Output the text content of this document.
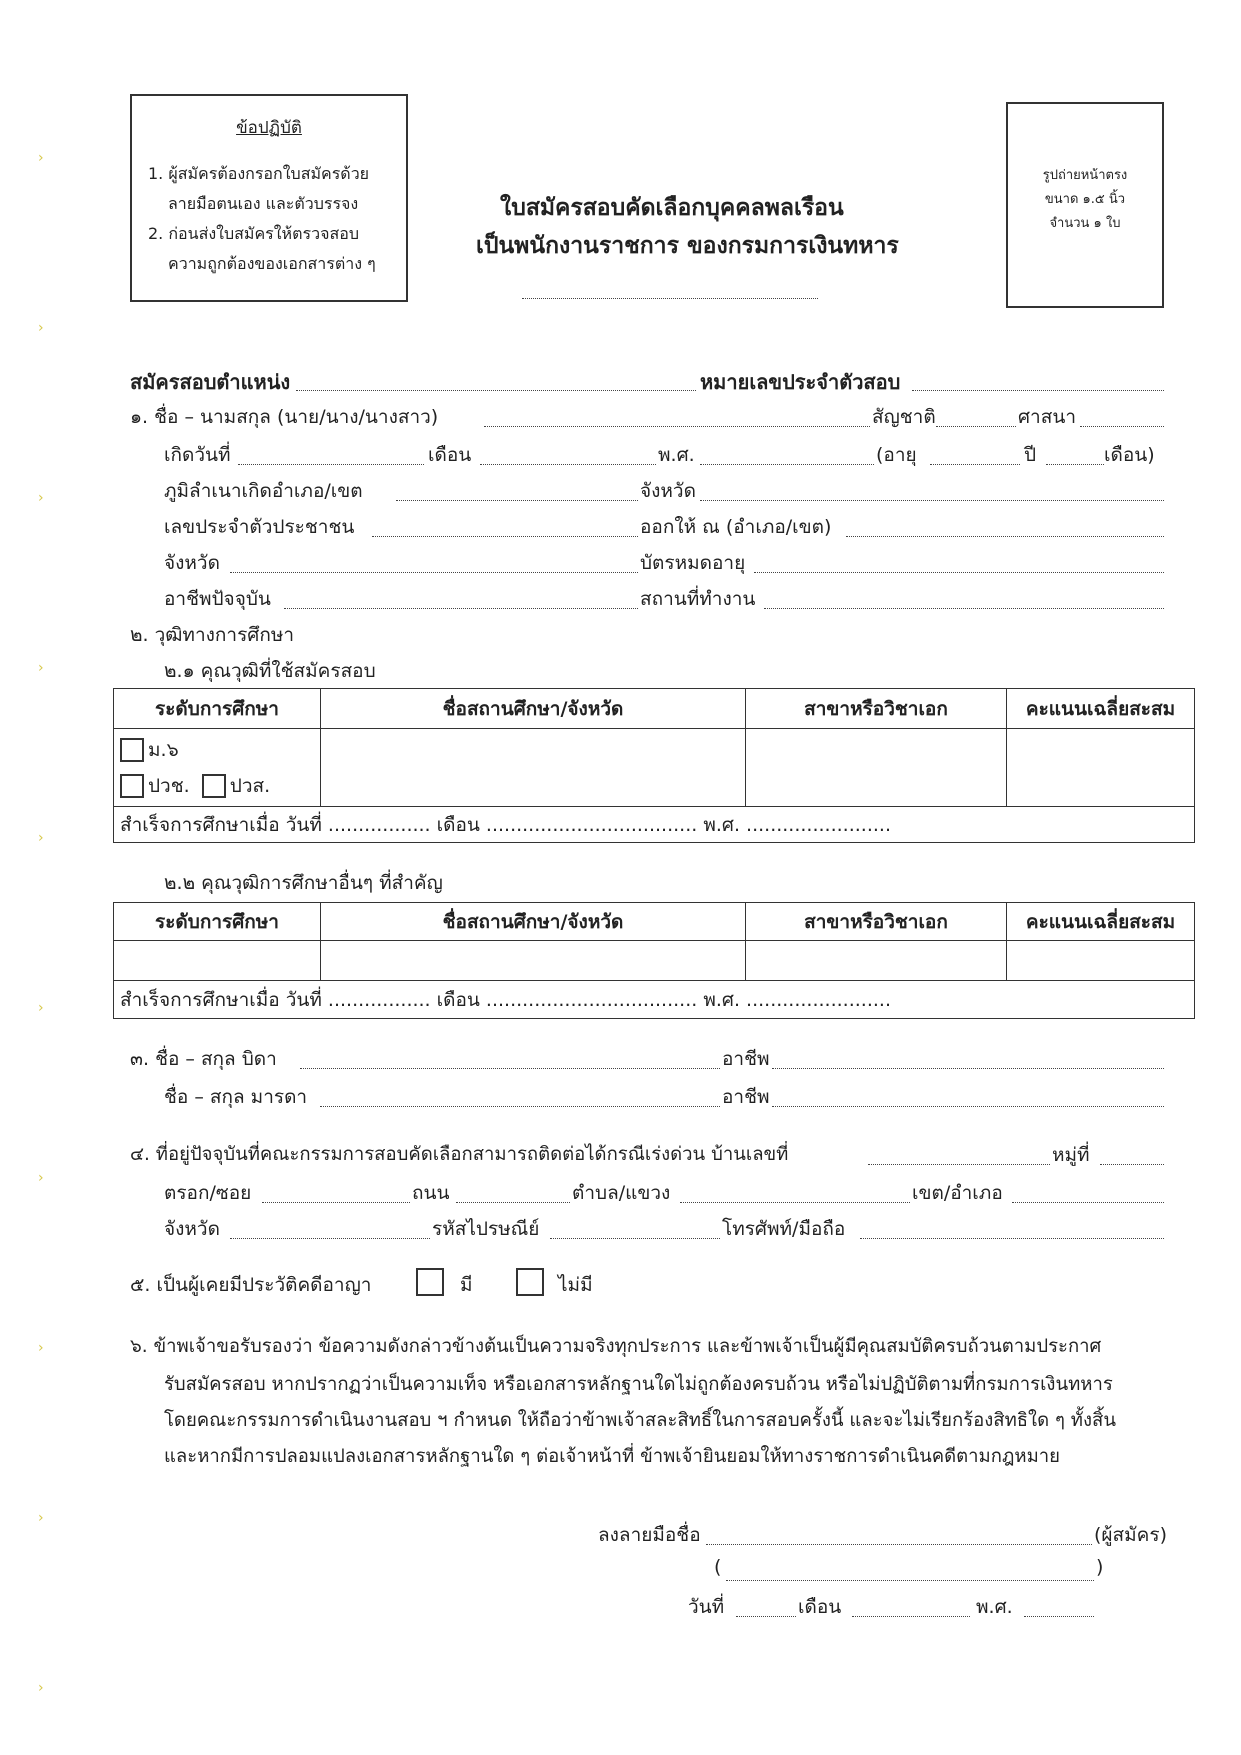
ข้อปฏิบัติ
1. ผู้สมัครต้องกรอกใบสมัครด้วย
ลายมือตนเอง และตัวบรรจง
2. ก่อนส่งใบสมัครให้ตรวจสอบ
ความถูกต้องของเอกสารต่าง ๆ
ใบสมัครสอบคัดเลือกบุคคลพลเรือน
เป็นพนักงานราชการ ของกรมการเงินทหาร
รูปถ่ายหน้าตรง
ขนาด ๑.๕ นิ้ว
จำนวน ๑ ใบ
สมัครสอบตำแหน่ง	หมายเลขประจำตัวสอบ
๑. ชื่อ – นามสกุล (นาย/นาง/นางสาว)	สัญชาติ	ศาสนา
เกิดวันที่	เดือน	พ.ศ.	(อายุ	ปี	เดือน)
ภูมิลำเนาเกิดอำเภอ/เขต	จังหวัด
เลขประจำตัวประชาชน	ออกให้ ณ (อำเภอ/เขต)
จังหวัด	บัตรหมดอายุ
อาชีพปัจจุบัน	สถานที่ทำงาน
๒. วุฒิทางการศึกษา
๒.๑ คุณวุฒิที่ใช้สมัครสอบ
ระดับการศึกษา	ชื่อสถานศึกษา/จังหวัด	สาขาหรือวิชาเอก	คะแนนเฉลี่ยสะสม

ม.๖
ปวช. ปวส.			

สำเร็จการศึกษาเมื่อ วันที่ ................. เดือน ................................... พ.ศ. ........................			
๒.๒ คุณวุฒิการศึกษาอื่นๆ ที่สำคัญ
ระดับการศึกษา	ชื่อสถานศึกษา/จังหวัด	สาขาหรือวิชาเอก	คะแนนเฉลี่ยสะสม

สำเร็จการศึกษาเมื่อ วันที่ ................. เดือน ................................... พ.ศ. ........................			
๓. ชื่อ – สกุล บิดา	อาชีพ
ชื่อ – สกุล มารดา	อาชีพ
๔. ที่อยู่ปัจจุบันที่คณะกรรมการสอบคัดเลือกสามารถติดต่อได้กรณีเร่งด่วน บ้านเลขที่	หมู่ที่
ตรอก/ซอย	ถนน	ตำบล/แขวง	เขต/อำเภอ
จังหวัด	รหัสไปรษณีย์	โทรศัพท์/มือถือ
๕. เป็นผู้เคยมีประวัติคดีอาญา	มี	ไม่มี
๖. ข้าพเจ้าขอรับรองว่า ข้อความดังกล่าวข้างต้นเป็นความจริงทุกประการ และข้าพเจ้าเป็นผู้มีคุณสมบัติครบถ้วนตามประกาศ
รับสมัครสอบ หากปรากฏว่าเป็นความเท็จ หรือเอกสารหลักฐานใดไม่ถูกต้องครบถ้วน หรือไม่ปฏิบัติตามที่กรมการเงินทหาร
โดยคณะกรรมการดำเนินงานสอบ ฯ กำหนด ให้ถือว่าข้าพเจ้าสละสิทธิ์ในการสอบครั้งนี้ และจะไม่เรียกร้องสิทธิใด ๆ ทั้งสิ้น
และหากมีการปลอมแปลงเอกสารหลักฐานใด ๆ ต่อเจ้าหน้าที่ ข้าพเจ้ายินยอมให้ทางราชการดำเนินคดีตามกฎหมาย
ลงลายมือชื่อ	(ผู้สมัคร)
(	)
วันที่	เดือน	พ.ศ.
›
›
›
›
›
›
›
›
›
›
